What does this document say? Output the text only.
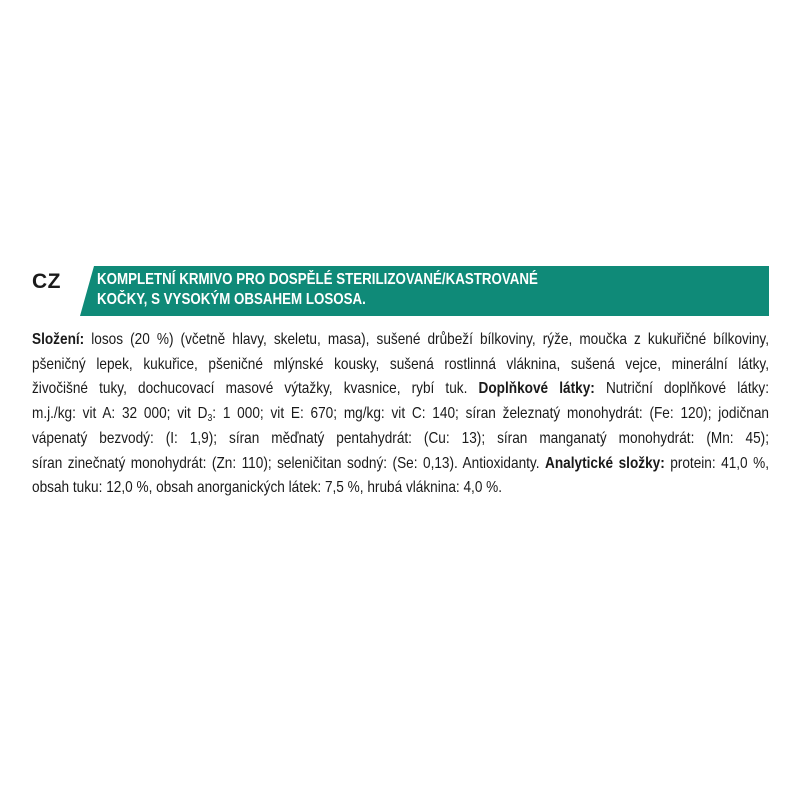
CZ KOMPLETNÍ KRMIVO PRO DOSPĚLÉ STERILIZOVANÉ/KASTROVANÉ
KOČKY, S VYSOKÝM OBSAHEM LOSOSA.
Složení: losos (20 %) (včetně hlavy, skeletu, masa), sušené drůbeží bílkoviny, rýže, moučka z kukuřičné bílkoviny,
pšeničný lepek, kukuřice, pšeničné mlýnské kousky, sušená rostlinná vláknina, sušená vejce, minerální látky,
živočišné tuky, dochucovací masové výtažky, kvasnice, rybí tuk. Doplňkové látky: Nutriční doplňkové látky:
m.j./kg: vit A: 32 000; vit $D_3$: 1 000; vit E: 670; mg/kg: vit C: 140; síran železnatý monohydrát: (Fe: 120); jodičnan
vápenatý bezvodý: (I: 1,9); síran měďnatý pentahydrát: (Cu: 13); síran manganatý monohydrát: (Mn: 45);
síran zinečnatý monohydrát: (Zn: 110); seleničitan sodný: (Se: 0,13). Antioxidanty. Analytické složky: protein: 41,0 %,
obsah tuku: 12,0 %, obsah anorganických látek: 7,5 %, hrubá vláknina: 4,0 %.
